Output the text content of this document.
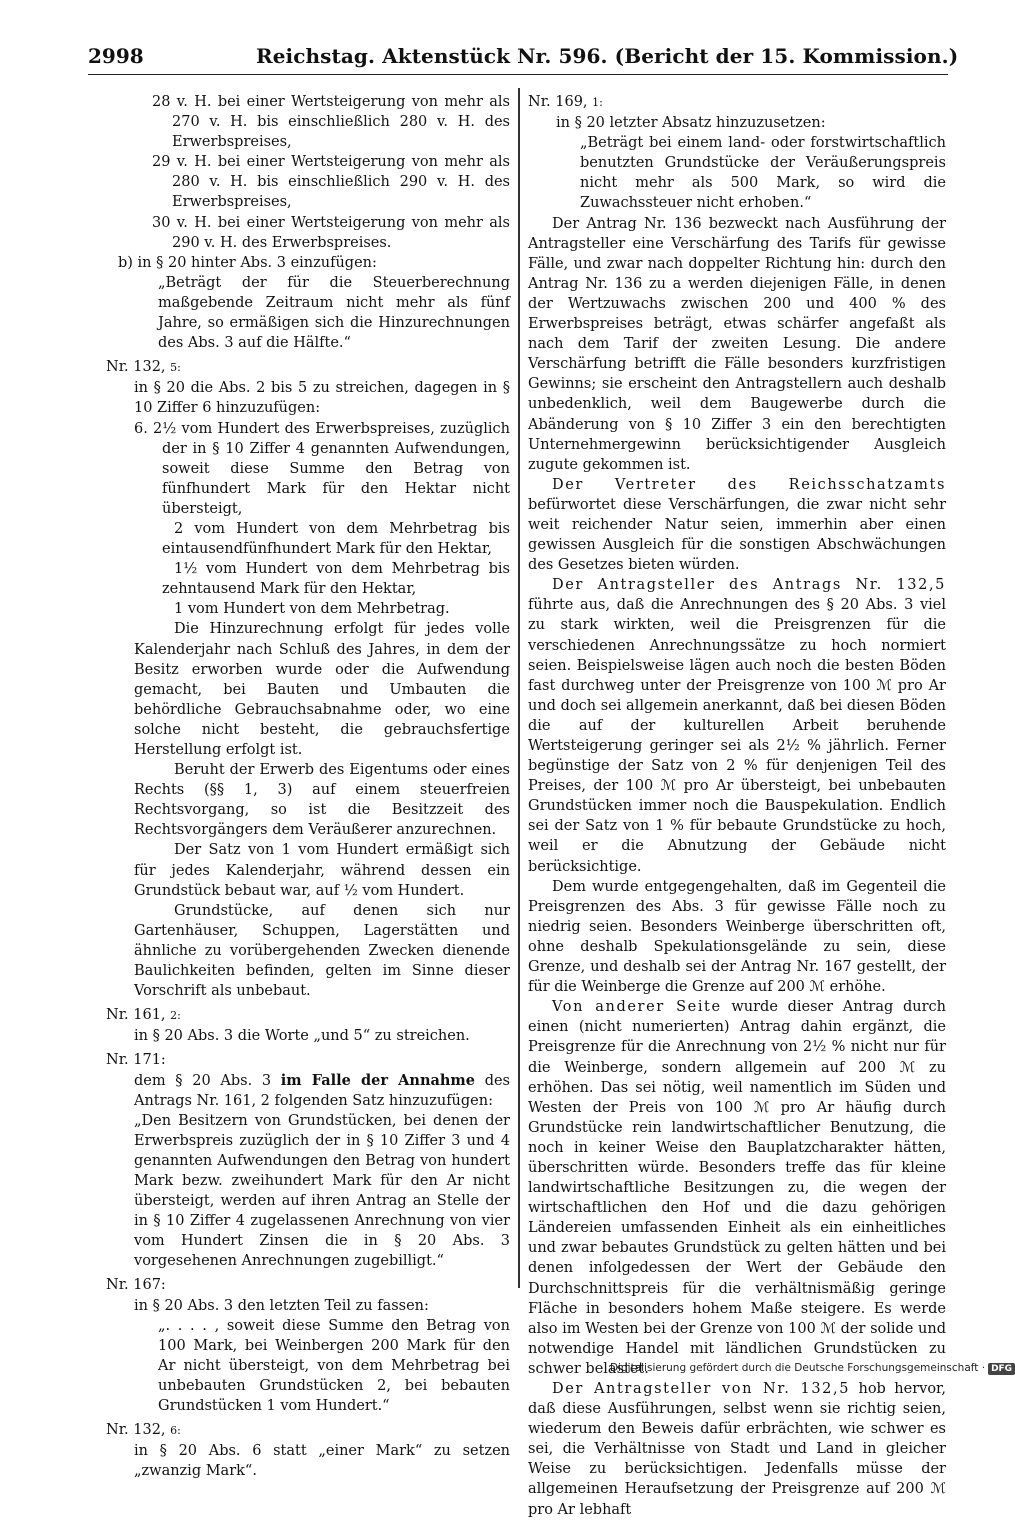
2998	Reichstag. Aktenstück Nr. 596. (Bericht der 15. Kommission.)

28 v. H. bei einer Wertsteigerung von mehr als 270 v. H. bis einschließlich 280 v. H. des Erwerbspreises,

29 v. H. bei einer Wertsteigerung von mehr als 280 v. H. bis einschließlich 290 v. H. des Erwerbspreises,

30 v. H. bei einer Wertsteigerung von mehr als 290 v. H. des Erwerbspreises.

b) in § 20 hinter Abs. 3 einzufügen:

„Beträgt der für die Steuerberechnung maßgebende Zeitraum nicht mehr als fünf Jahre, so ermäßigen sich die Hinzurechnungen des Abs. 3 auf die Hälfte.“

Nr. 132, 5:

in § 20 die Abs. 2 bis 5 zu streichen, dagegen in § 10 Ziffer 6 hinzuzufügen:

6. 2½ vom Hundert des Erwerbspreises, zuzüglich der in § 10 Ziffer 4 genannten Aufwendungen, soweit diese Summe den Betrag von fünfhundert Mark für den Hektar nicht übersteigt,

2 vom Hundert von dem Mehrbetrag bis eintausendfünfhundert Mark für den Hektar,

1½ vom Hundert von dem Mehrbetrag bis zehntausend Mark für den Hektar,

1 vom Hundert von dem Mehrbetrag.

Die Hinzurechnung erfolgt für jedes volle Kalenderjahr nach Schluß des Jahres, in dem der Besitz erworben wurde oder die Aufwendung gemacht, bei Bauten und Umbauten die behördliche Gebrauchsabnahme oder, wo eine solche nicht besteht, die gebrauchsfertige Herstellung erfolgt ist.

Beruht der Erwerb des Eigentums oder eines Rechts (§§ 1, 3) auf einem steuerfreien Rechtsvorgang, so ist die Besitzzeit des Rechtsvorgängers dem Veräußerer anzurechnen.

Der Satz von 1 vom Hundert ermäßigt sich für jedes Kalenderjahr, während dessen ein Grundstück bebaut war, auf ½ vom Hundert.

Grundstücke, auf denen sich nur Gartenhäuser, Schuppen, Lagerstätten und ähnliche zu vorübergehenden Zwecken dienende Baulichkeiten befinden, gelten im Sinne dieser Vorschrift als unbebaut.

Nr. 161, 2:

in § 20 Abs. 3 die Worte „und 5“ zu streichen.

Nr. 171:

dem § 20 Abs. 3 im Falle der Annahme des Antrags Nr. 161, 2 folgenden Satz hinzuzufügen:

„Den Besitzern von Grundstücken, bei denen der Erwerbspreis zuzüglich der in § 10 Ziffer 3 und 4 genannten Aufwendungen den Betrag von hundert Mark bezw. zweihundert Mark für den Ar nicht übersteigt, werden auf ihren Antrag an Stelle der in § 10 Ziffer 4 zugelassenen Anrechnung von vier vom Hundert Zinsen die in § 20 Abs. 3 vorgesehenen Anrechnungen zugebilligt.“

Nr. 167:

in § 20 Abs. 3 den letzten Teil zu fassen:

„. . . . , soweit diese Summe den Betrag von 100 Mark, bei Weinbergen 200 Mark für den Ar nicht übersteigt, von dem Mehrbetrag bei unbebauten Grundstücken 2, bei bebauten Grundstücken 1 vom Hundert.“

Nr. 132, 6:

in § 20 Abs. 6 statt „einer Mark“ zu setzen „zwanzig Mark“.

Nr. 169, 1:

in § 20 letzter Absatz hinzuzusetzen:

„Beträgt bei einem land- oder forstwirtschaftlich benutzten Grundstücke der Veräußerungspreis nicht mehr als 500 Mark, so wird die Zuwachssteuer nicht erhoben.“

Der Antrag Nr. 136 bezweckt nach Ausführung der Antragsteller eine Verschärfung des Tarifs für gewisse Fälle, und zwar nach doppelter Richtung hin: durch den Antrag Nr. 136 zu a werden diejenigen Fälle, in denen der Wertzuwachs zwischen 200 und 400 % des Erwerbspreises beträgt, etwas schärfer angefaßt als nach dem Tarif der zweiten Lesung. Die andere Verschärfung betrifft die Fälle besonders kurzfristigen Gewinns; sie erscheint den Antragstellern auch deshalb unbedenklich, weil dem Baugewerbe durch die Abänderung von § 10 Ziffer 3 ein den berechtigten Unternehmergewinn berücksichtigender Ausgleich zugute gekommen ist.

Der Vertreter des Reichsschatzamts befürwortet diese Verschärfungen, die zwar nicht sehr weit reichender Natur seien, immerhin aber einen gewissen Ausgleich für die sonstigen Abschwächungen des Gesetzes bieten würden.

Der Antragsteller des Antrags Nr. 132,5 führte aus, daß die Anrechnungen des § 20 Abs. 3 viel zu stark wirkten, weil die Preisgrenzen für die verschiedenen Anrechnungssätze zu hoch normiert seien. Beispielsweise lägen auch noch die besten Böden fast durchweg unter der Preisgrenze von 100 ℳ pro Ar und doch sei allgemein anerkannt, daß bei diesen Böden die auf der kulturellen Arbeit beruhende Wertsteigerung geringer sei als 2½ % jährlich. Ferner begünstige der Satz von 2 % für denjenigen Teil des Preises, der 100 ℳ pro Ar übersteigt, bei unbebauten Grundstücken immer noch die Bauspekulation. Endlich sei der Satz von 1 % für bebaute Grundstücke zu hoch, weil er die Abnutzung der Gebäude nicht berücksichtige.

Dem wurde entgegengehalten, daß im Gegenteil die Preisgrenzen des Abs. 3 für gewisse Fälle noch zu niedrig seien. Besonders Weinberge überschritten oft, ohne deshalb Spekulationsgelände zu sein, diese Grenze, und deshalb sei der Antrag Nr. 167 gestellt, der für die Weinberge die Grenze auf 200 ℳ erhöhe.

Von anderer Seite wurde dieser Antrag durch einen (nicht numerierten) Antrag dahin ergänzt, die Preisgrenze für die Anrechnung von 2½ % nicht nur für die Weinberge, sondern allgemein auf 200 ℳ zu erhöhen. Das sei nötig, weil namentlich im Süden und Westen der Preis von 100 ℳ pro Ar häufig durch Grundstücke rein landwirtschaftlicher Benutzung, die noch in keiner Weise den Bauplatzcharakter hätten, überschritten würde. Besonders treffe das für kleine landwirtschaftliche Besitzungen zu, die wegen der wirtschaftlichen den Hof und die dazu gehörigen Ländereien umfassenden Einheit als ein einheitliches und zwar bebautes Grundstück zu gelten hätten und bei denen infolgedessen der Wert der Gebäude den Durchschnittspreis für die verhältnismäßig geringe Fläche in besonders hohem Maße steigere. Es werde also im Westen bei der Grenze von 100 ℳ der solide und notwendige Handel mit ländlichen Grundstücken zu schwer belastet.

Der Antragsteller von Nr. 132,5 hob hervor, daß diese Ausführungen, selbst wenn sie richtig seien, wiederum den Beweis dafür erbrächten, wie schwer es sei, die Verhältnisse von Stadt und Land in gleicher Weise zu berücksichtigen. Jedenfalls müsse der allgemeinen Heraufsetzung der Preisgrenze auf 200 ℳ pro Ar lebhaft

Digitalisierung gefördert durch die Deutsche Forschungsgemeinschaft · DFG
